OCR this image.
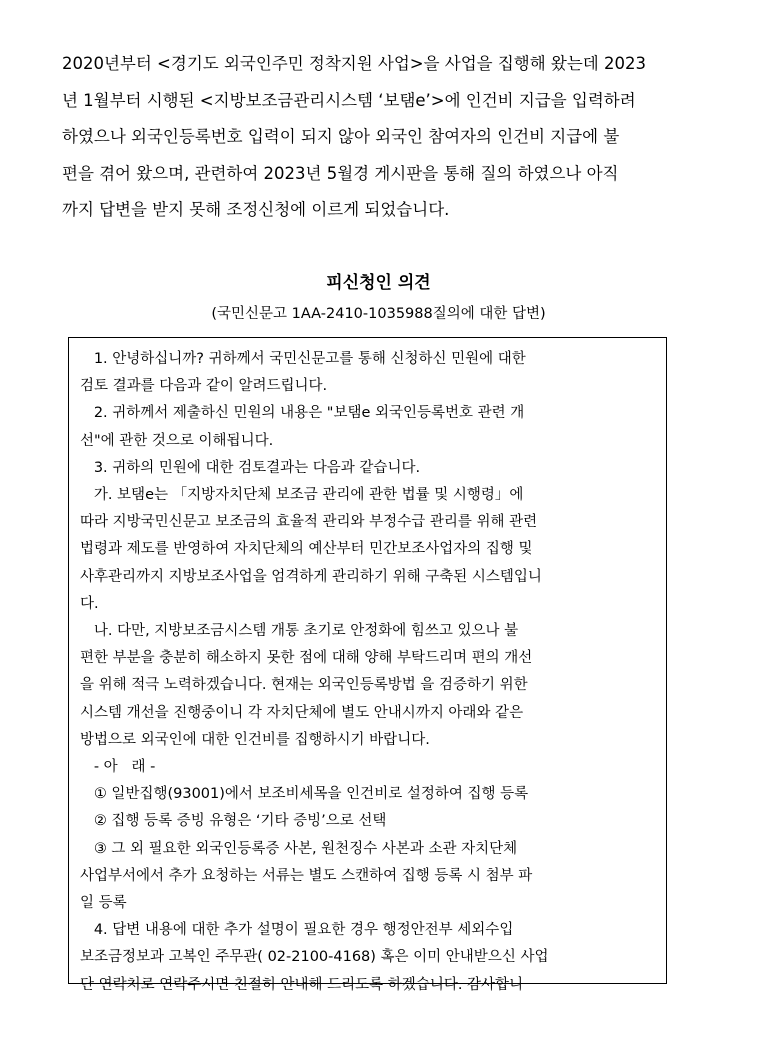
2020년부터 <경기도 외국인주민 정착지원 사업>을 사업을 집행해 왔는데 2023
년 1월부터 시행된 <지방보조금관리시스템 ‘보탬e’>에 인건비 지급을 입력하려
하였으나 외국인등록번호 입력이 되지 않아 외국인 참여자의 인건비 지급에 불
편을 겪어 왔으며, 관련하여 2023년 5월경 게시판을 통해 질의 하였으나 아직
까지 답변을 받지 못해 조정신청에 이르게 되었습니다.
피신청인 의견
(국민신문고 1AA-2410-1035988질의에 대한 답변)
1. 안녕하십니까? 귀하께서 국민신문고를 통해 신청하신 민원에 대한
검토 결과를 다음과 같이 알려드립니다.
2. 귀하께서 제출하신 민원의 내용은 "보탬e 외국인등록번호 관련 개
선"에 관한 것으로 이해됩니다.
3. 귀하의 민원에 대한 검토결과는 다음과 같습니다.
가. 보탬e는 「지방자치단체 보조금 관리에 관한 법률 및 시행령」에
따라 지방국민신문고 보조금의 효율적 관리와 부정수급 관리를 위해 관련
법령과 제도를 반영하여 자치단체의 예산부터 민간보조사업자의 집행 및
사후관리까지 지방보조사업을 엄격하게 관리하기 위해 구축된 시스템입니
다.
나. 다만, 지방보조금시스템 개통 초기로 안정화에 힘쓰고 있으나 불
편한 부분을 충분히 해소하지 못한 점에 대해 양해 부탁드리며 편의 개선
을 위해 적극 노력하겠습니다. 현재는 외국인등록방법 을 검증하기 위한
시스템 개선을 진행중이니 각 자치단체에 별도 안내시까지 아래와 같은
방법으로 외국인에 대한 인건비를 집행하시기 바랍니다.
- 아   래 -
① 일반집행(93001)에서 보조비세목을 인건비로 설정하여 집행 등록
② 집행 등록 증빙 유형은 ‘기타 증빙’으로 선택
③ 그 외 필요한 외국인등록증 사본, 원천징수 사본과 소관 자치단체
사업부서에서 추가 요청하는 서류는 별도 스캔하여 집행 등록 시 첨부 파
일 등록
4. 답변 내용에 대한 추가 설명이 필요한 경우 행정안전부 세외수입
보조금정보과 고복인 주무관( 02-2100-4168) 혹은 이미 안내받으신 사업
단 연락처로 연락주시면 친절히 안내해 드리도록 하겠습니다. 감사합니
